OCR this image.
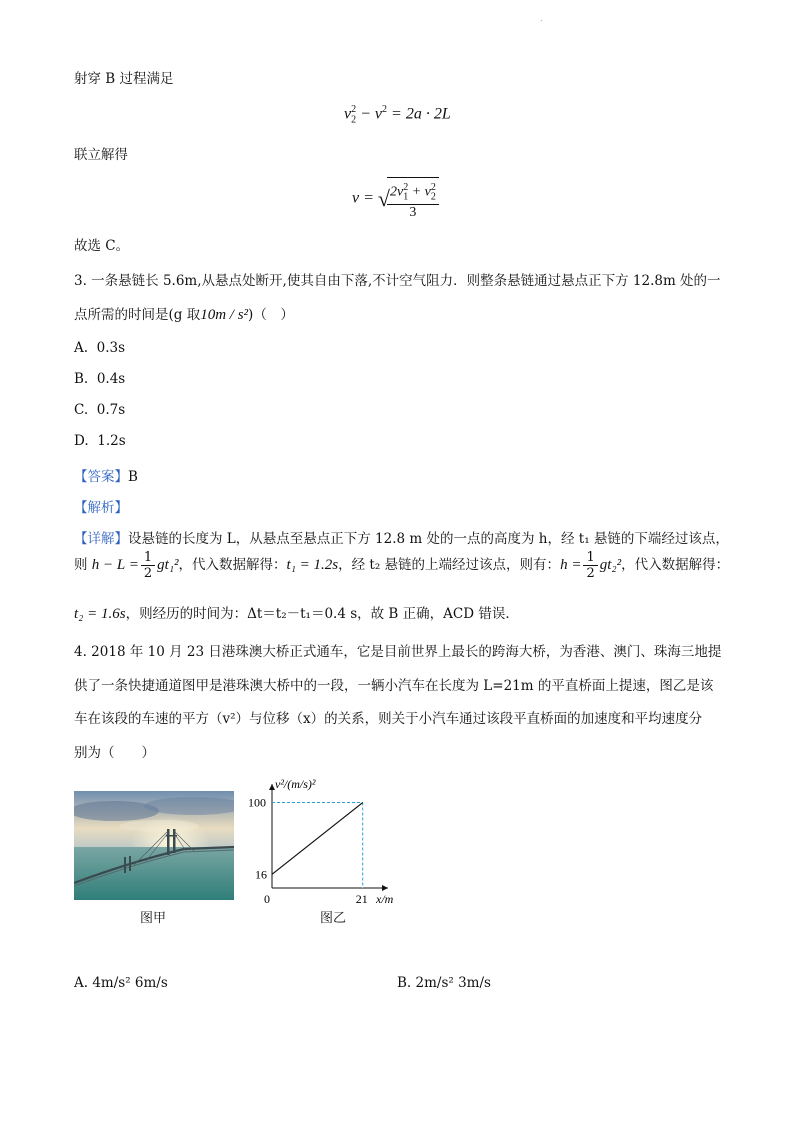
.
射穿 B 过程满足
$v_2^2 - v^2 = 2a \cdot 2L$
联立解得
v = √
$\frac{2v_1^2 + v_2^2}{3}$
故选 C。
3. 一条悬链长 5.6m,从悬点处断开,使其自由下落,不计空气阻力．则整条悬链通过悬点正下方 12.8m 处的一
点所需的时间是(g 取10m / s²)（　）
A. 0.3s
B. 0.4s
C. 0.7s
D. 1.2s
【答案】B
【解析】
【详解】设悬链的长度为 L，从悬点至悬点正下方 12.8 m 处的一点的高度为 h，经 t₁ 悬链的下端经过该点，
则 $h - L = \frac{1}{2} gt_1^2$，代入数据解得：t₁ = 1.2s，经 t₂ 悬链的上端经过该点，则有：$h = \frac{1}{2} gt_2^2$，代入数据解得：
t₂ = 1.6s，则经历的时间为：Δt＝t₂－t₁＝0.4 s，故 B 正确，ACD 错误．
4. 2018 年 10 月 23 日港珠澳大桥正式通车，它是目前世界上最长的跨海大桥，为香港、澳门、珠海三地提
供了一条快捷通道图甲是港珠澳大桥中的一段，一辆小汽车在长度为 L=21m 的平直桥面上提速，图乙是该
车在该段的车速的平方（v²）与位移（x）的关系，则关于小汽车通过该段平直桥面的加速度和平均速度分
别为（　　）
图甲
v²/(m/s)²
x/m
0
16
100
21
图乙
A. 4m/s² 6m/s	B. 2m/s² 3m/s
